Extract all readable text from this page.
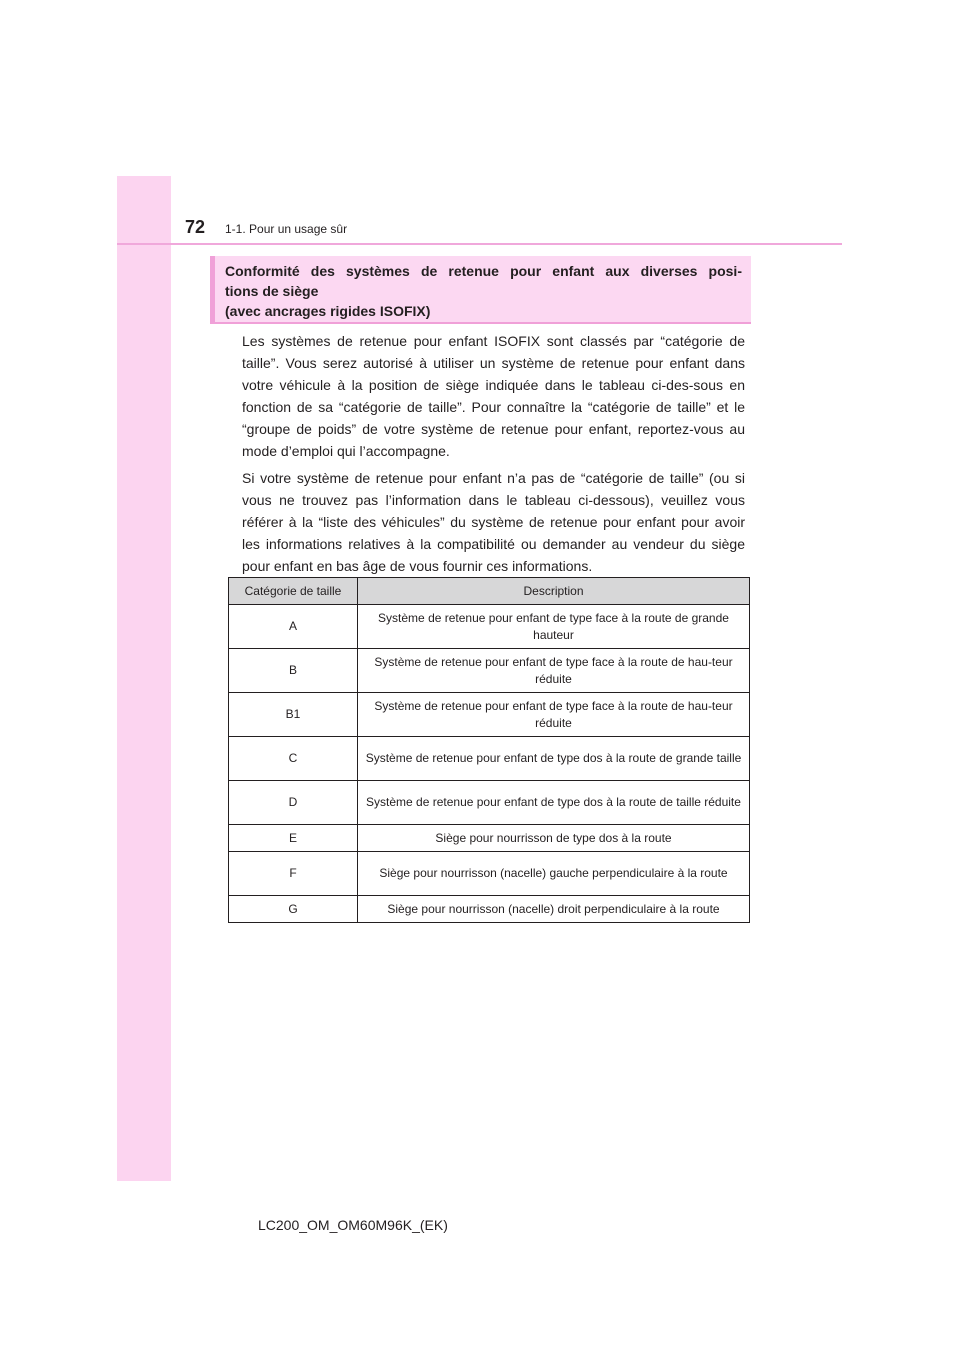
72 1-1. Pour un usage sûr
Conformité des systèmes de retenue pour enfant aux diverses posi-
tions de siège
(avec ancrages rigides ISOFIX)

Les systèmes de retenue pour enfant ISOFIX sont classés par “catégorie de taille”. Vous serez autorisé à utiliser un système de retenue pour enfant dans votre véhicule à la position de siège indiquée dans le tableau ci-des-sous en fonction de sa “catégorie de taille”. Pour connaître la “catégorie de taille” et le “groupe de poids” de votre système de retenue pour enfant, reportez-vous au mode d’emploi qui l’accompagne.

Si votre système de retenue pour enfant n’a pas de “catégorie de taille” (ou si vous ne trouvez pas l’information dans le tableau ci-dessous), veuillez vous référer à la “liste des véhicules” du système de retenue pour enfant pour avoir les informations relatives à la compatibilité ou demander au vendeur du siège pour enfant en bas âge de vous fournir ces informations.

Catégorie de taille	Description
A	Système de retenue pour enfant de type face à la route de grande hauteur
B	Système de retenue pour enfant de type face à la route de hau-teur réduite
B1	Système de retenue pour enfant de type face à la route de hau-teur réduite
C	Système de retenue pour enfant de type dos à la route de grande taille
D	Système de retenue pour enfant de type dos à la route de taille réduite
E	Siège pour nourrisson de type dos à la route
F	Siège pour nourrisson (nacelle) gauche perpendiculaire à la route
G	Siège pour nourrisson (nacelle) droit perpendiculaire à la route
LC200_OM_OM60M96K_(EK)
